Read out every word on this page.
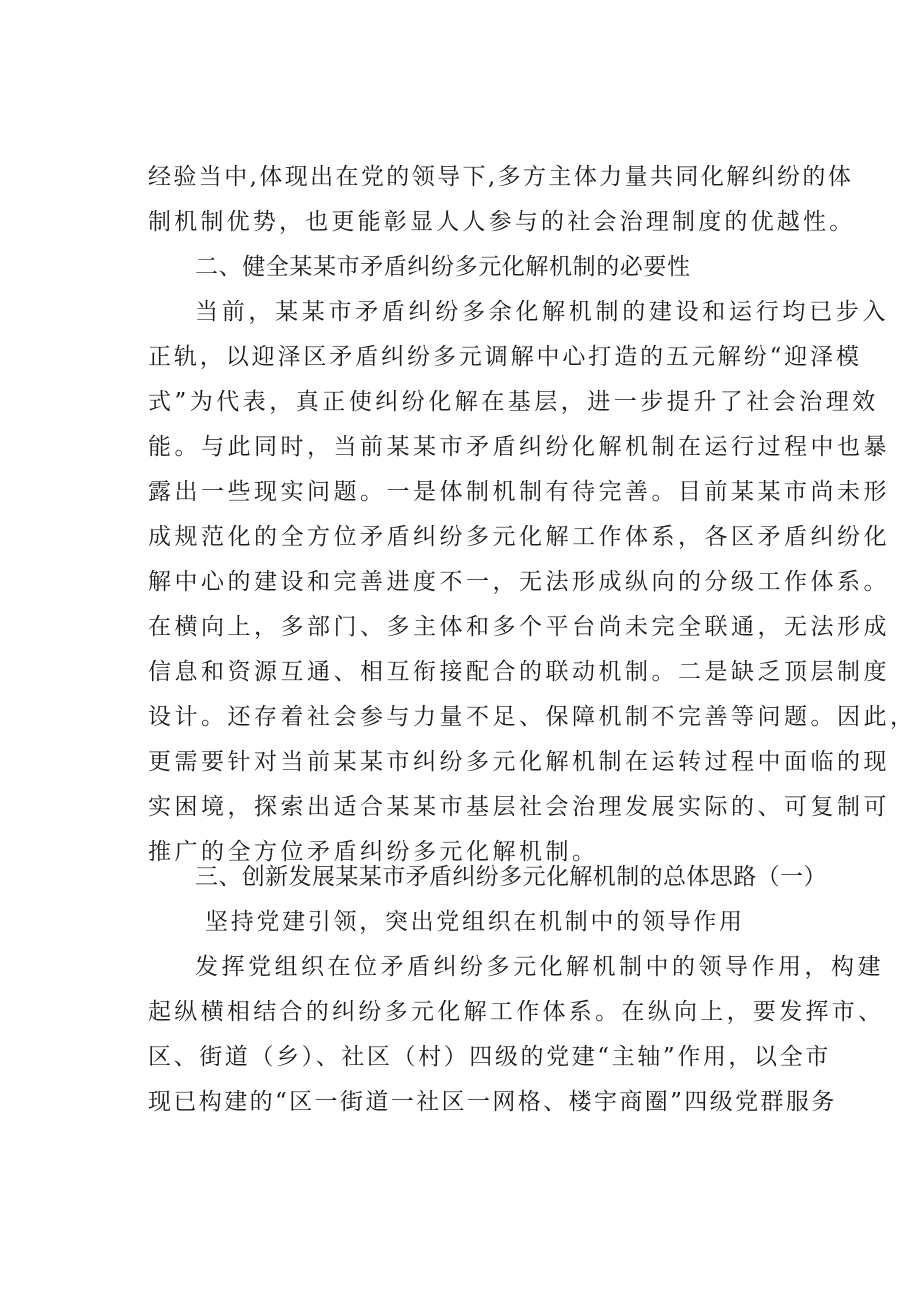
经验当中,体现出在党的领导下,多方主体力量共同化解纠纷的体
制机制优势，也更能彰显人人参与的社会治理制度的优越性。
二、健全某某市矛盾纠纷多元化解机制的必要性
当前，某某市矛盾纠纷多余化解机制的建设和运行均已步入
正轨，以迎泽区矛盾纠纷多元调解中心打造的五元解纷“迎泽模
式”为代表，真正使纠纷化解在基层，进一步提升了社会治理效
能。与此同时，当前某某市矛盾纠纷化解机制在运行过程中也暴
露出一些现实问题。一是体制机制有待完善。目前某某市尚未形
成规范化的全方位矛盾纠纷多元化解工作体系，各区矛盾纠纷化
解中心的建设和完善进度不一，无法形成纵向的分级工作体系。
在横向上，多部门、多主体和多个平台尚未完全联通，无法形成
信息和资源互通、相互衔接配合的联动机制。二是缺乏顶层制度
设计。还存着社会参与力量不足、保障机制不完善等问题。因此，
更需要针对当前某某市纠纷多元化解机制在运转过程中面临的现
实困境，探索出适合某某市基层社会治理发展实际的、可复制可
推广的全方位矛盾纠纷多元化解机制。
三、创新发展某某市矛盾纠纷多元化解机制的总体思路（一）
坚持党建引领，突出党组织在机制中的领导作用
发挥党组织在位矛盾纠纷多元化解机制中的领导作用，构建
起纵横相结合的纠纷多元化解工作体系。在纵向上，要发挥市、
区、街道（乡）、社区（村）四级的党建“主轴”作用，以全市
现已构建的“区一街道一社区一网格、楼宇商圈”四级党群服务
